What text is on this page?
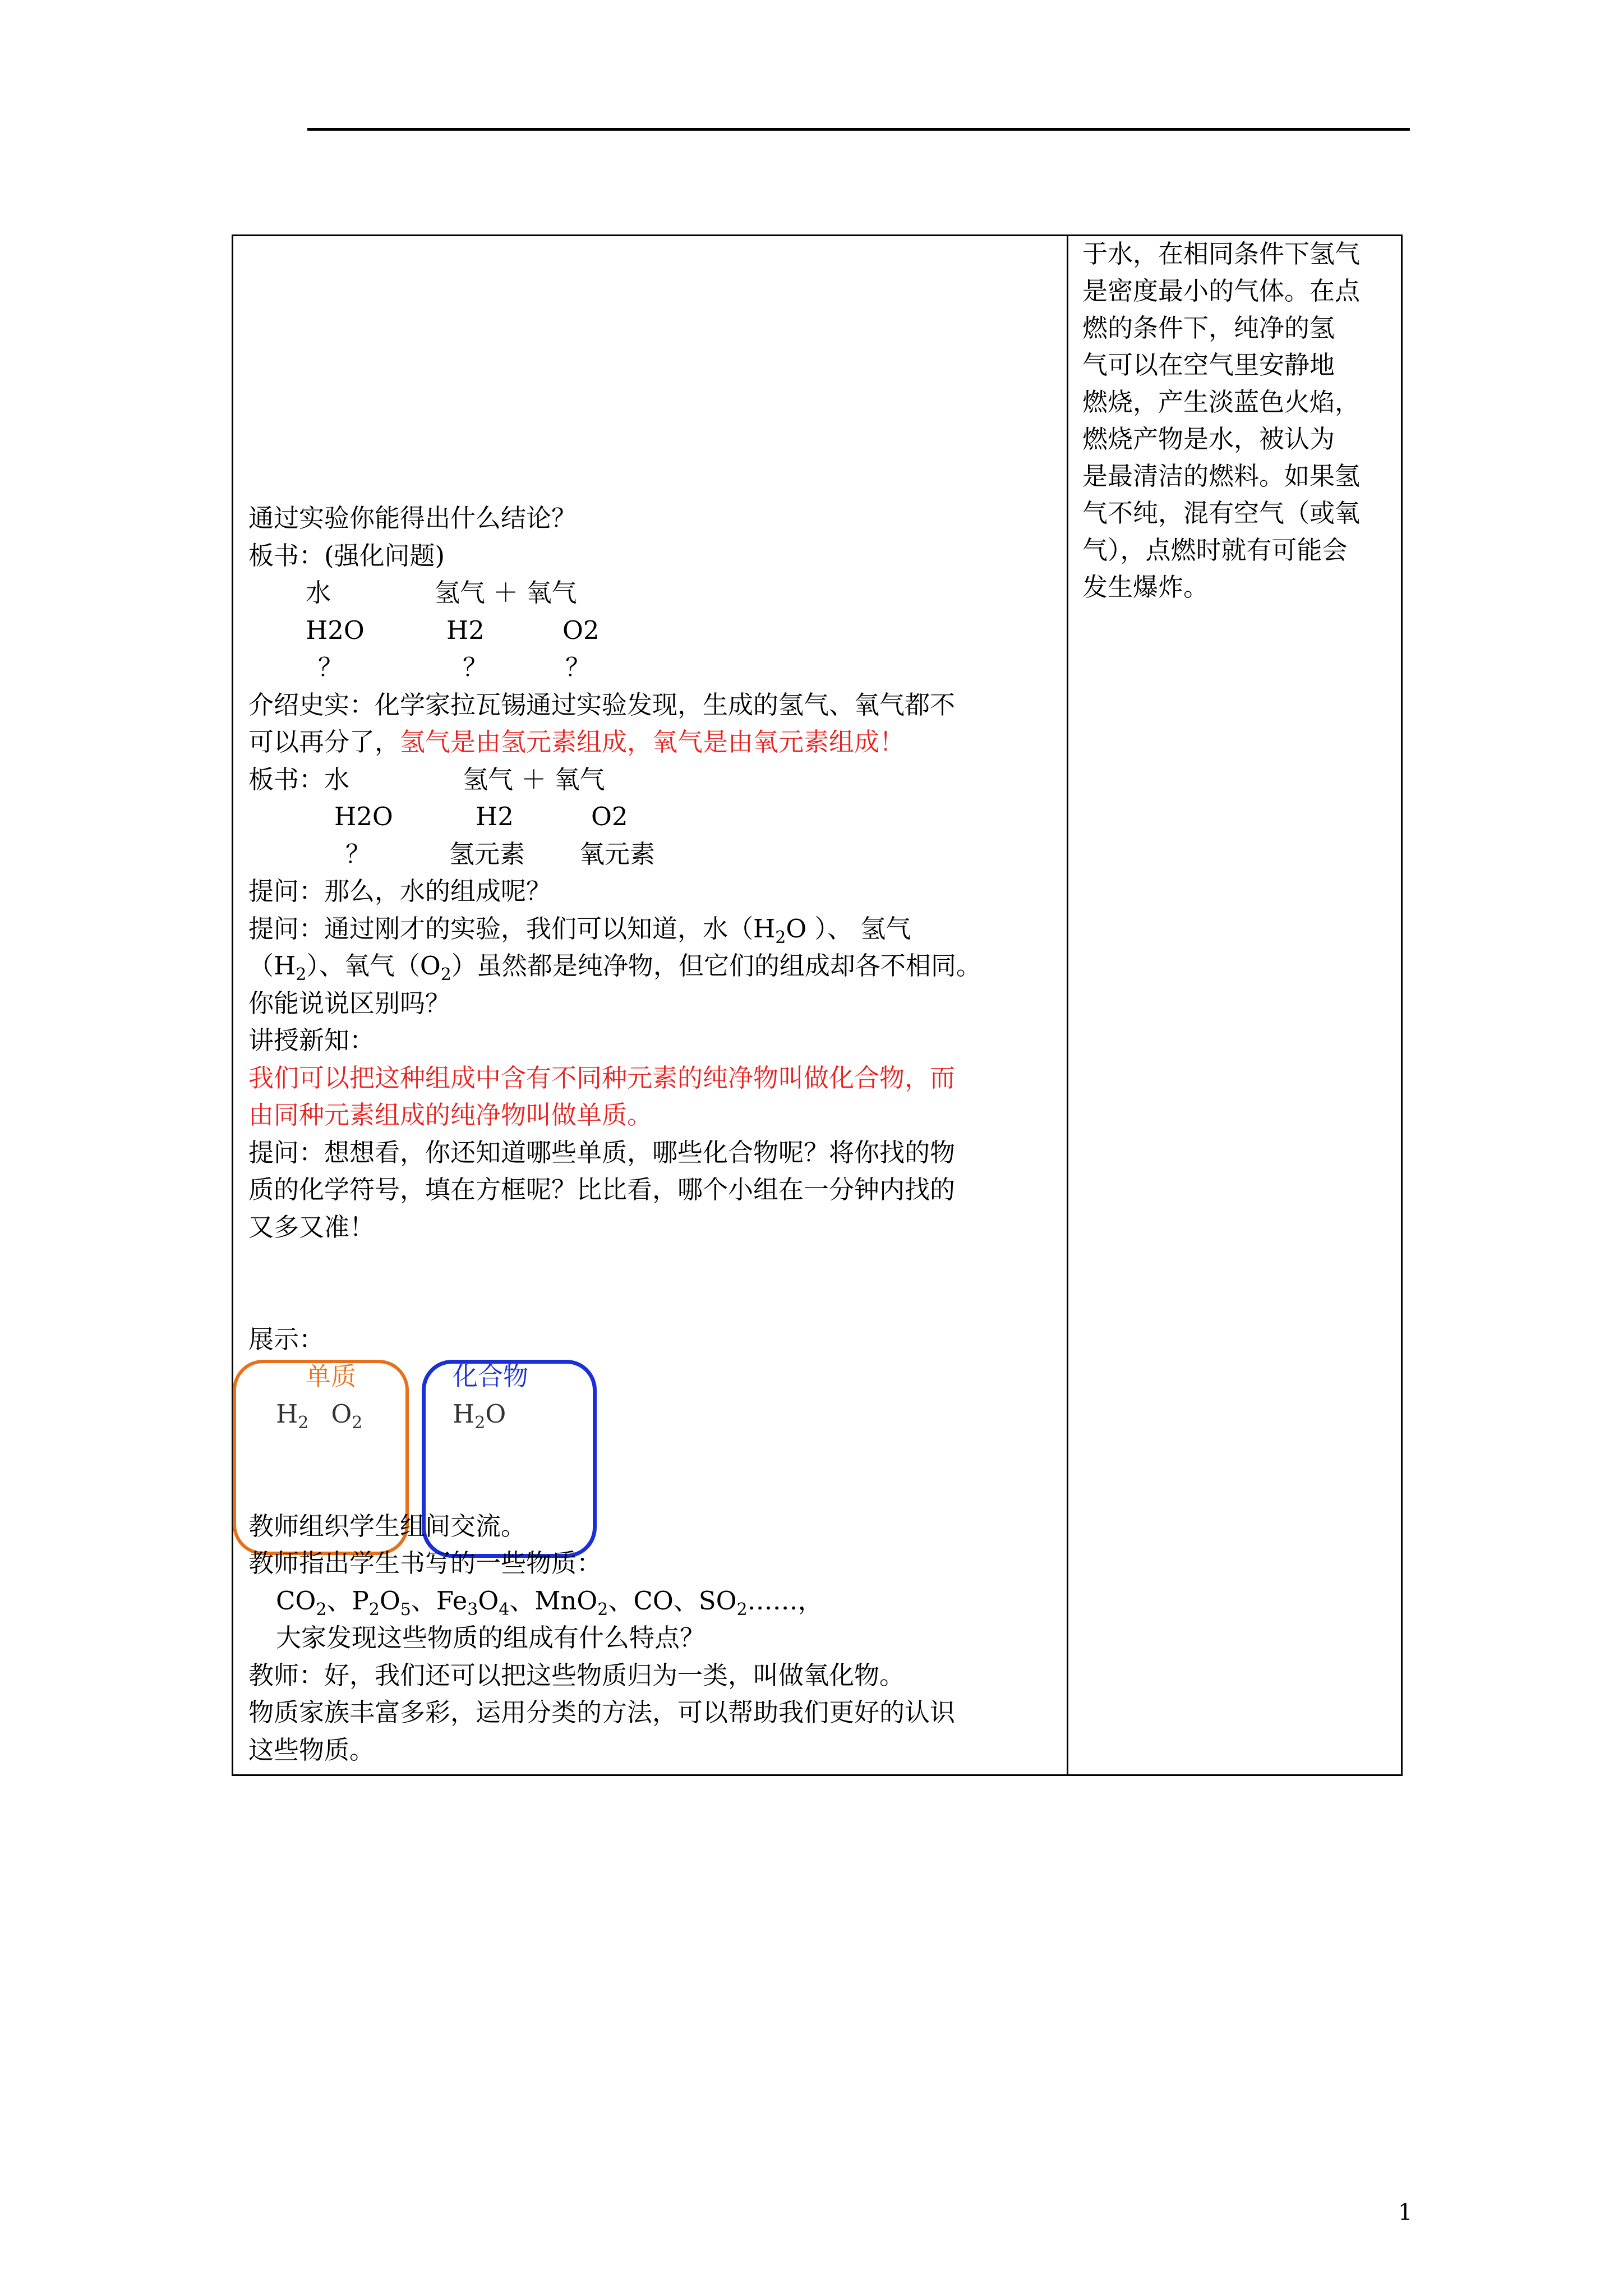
通过实验你能得出什么结论？
板书：(强化问题)
水	氢气 ＋ 氧气
H2O	H2	O2
？	？	？
介绍史实：化学家拉瓦锡通过实验发现，生成的氢气、氧气都不
可以再分了，氢气是由氢元素组成，氧气是由氧元素组成！
板书：水	氢气 ＋ 氧气
H2O	H2	O2
？	氢元素 氧元素
提问：那么，水的组成呢？
提问：通过刚才的实验，我们可以知道，水（$H_2O$ ）、 氢气
$(H_2)$、氧气$(O_2)$虽然都是纯净物，但它们的组成却各不相同。
你能说说区别吗？
讲授新知：
我们可以把这种组成中含有不同种元素的纯净物叫做化合物，而
由同种元素组成的纯净物叫做单质。
提问：想想看，你还知道哪些单质，哪些化合物呢？将你找的物
质的化学符号，填在方框呢？比比看，哪个小组在一分钟内找的
又多又准！
展示：
单质
$H_2$ $O_2$
化合物
$H_2O$
教师组织学生组间交流。
教师指出学生书写的一些物质：
$CO_2$、$P_2O_5$、$Fe_3O_4$、MnO$_2$、CO、$SO_2\dots\dots$，
大家发现这些物质的组成有什么特点？
教师：好，我们还可以把这些物质归为一类，叫做氧化物。
物质家族丰富多彩，运用分类的方法，可以帮助我们更好的认识
这些物质。
于水，在相同条件下氢气
是密度最小的气体。在点
燃的条件下，纯净的氢
气可以在空气里安静地
燃烧，产生淡蓝色火焰，
燃烧产物是水，被认为
是最清洁的燃料。如果氢
气不纯，混有空气（或氧
气），点燃时就有可能会
发生爆炸。
1
